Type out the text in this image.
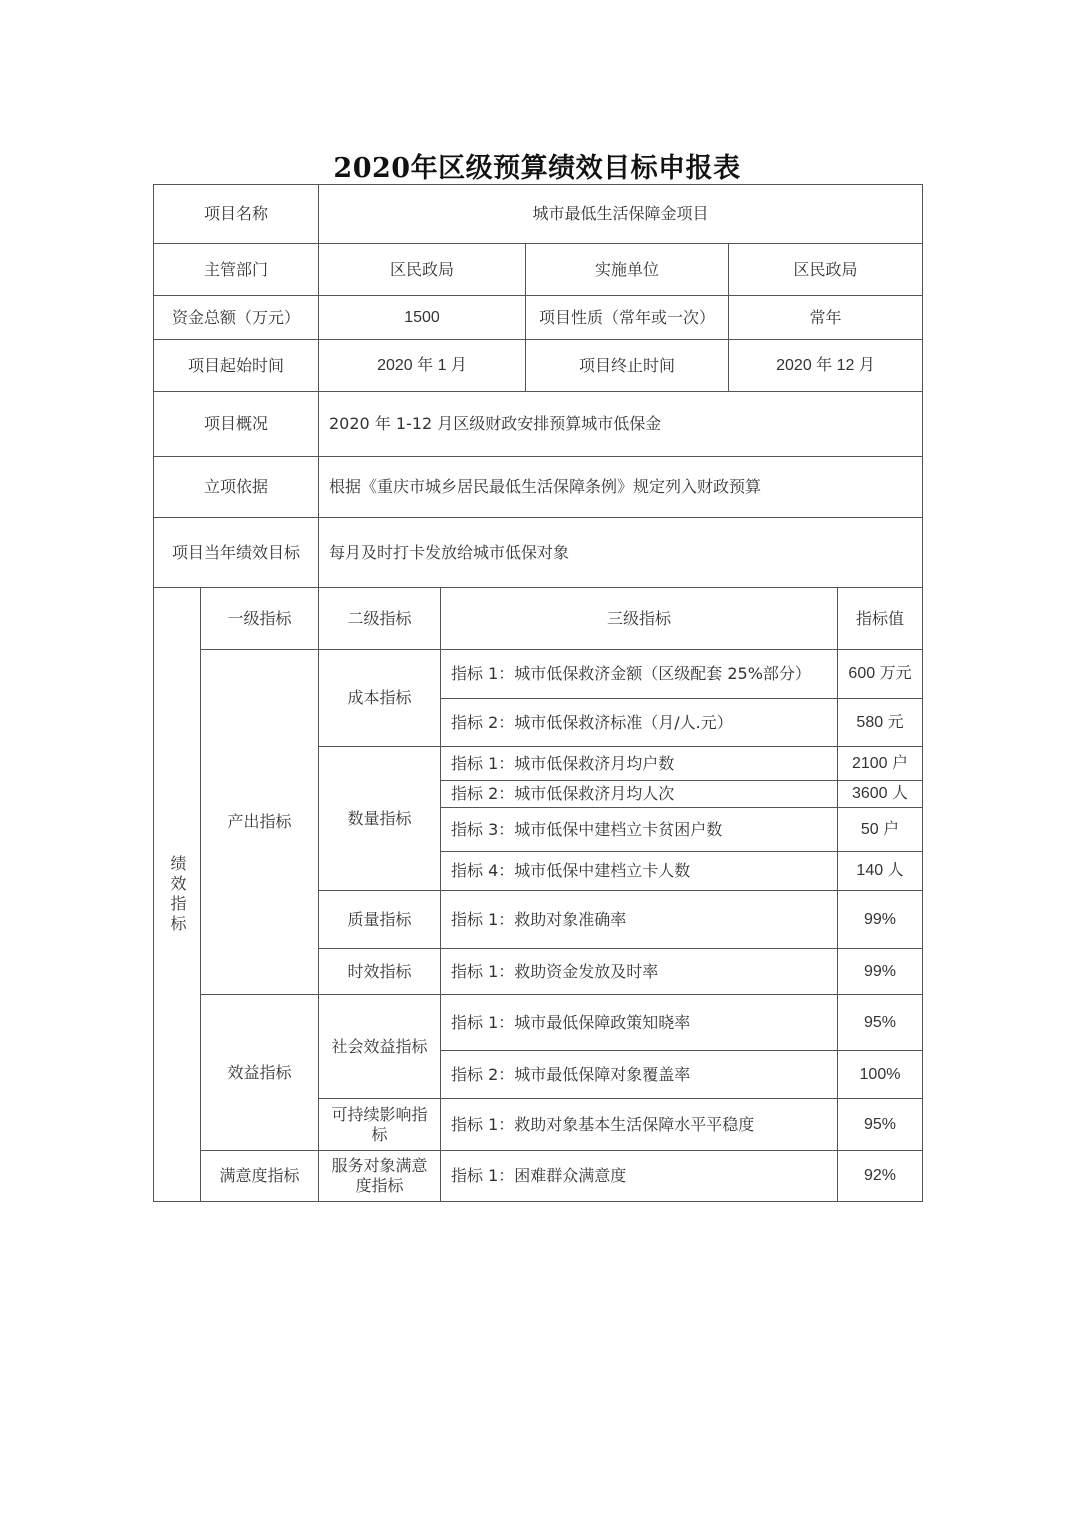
2020年区级预算绩效目标申报表
项目名称		城市最低生活保障金项目				
主管部门		区民政局		实施单位	区民政局	
资金总额（万元）		1500		项目性质（常年或一次）	常年	
项目起始时间		2020 年 1 月		项目终止时间	2020 年 12 月	
项目概况		2020 年 1-12 月区级财政安排预算城市低保金				
立项依据		根据《重庆市城乡居民最低生活保障条例》规定列入财政预算				
项目当年绩效目标		每月及时打卡发放给城市低保对象				
绩效指标	一级指标	二级指标	三级指标			指标值
	产出指标	成本指标	指标 1：城市低保救济金额（区级配套 25%部分）			600 万元
			指标 2：城市低保救济标准（月/人.元）			580 元
		数量指标	指标 1：城市低保救济月均户数			2100 户
			指标 2：城市低保救济月均人次			3600 人
			指标 3：城市低保中建档立卡贫困户数			50 户
			指标 4：城市低保中建档立卡人数			140 人
		质量指标	指标 1：救助对象准确率			99%
		时效指标	指标 1：救助资金发放及时率			99%
	效益指标	社会效益指标	指标 1：城市最低保障政策知晓率			95%
			指标 2：城市最低保障对象覆盖率			100%
		可持续影响指标	指标 1：救助对象基本生活保障水平平稳度			95%
	满意度指标	服务对象满意度指标	指标 1：困难群众满意度			92%
